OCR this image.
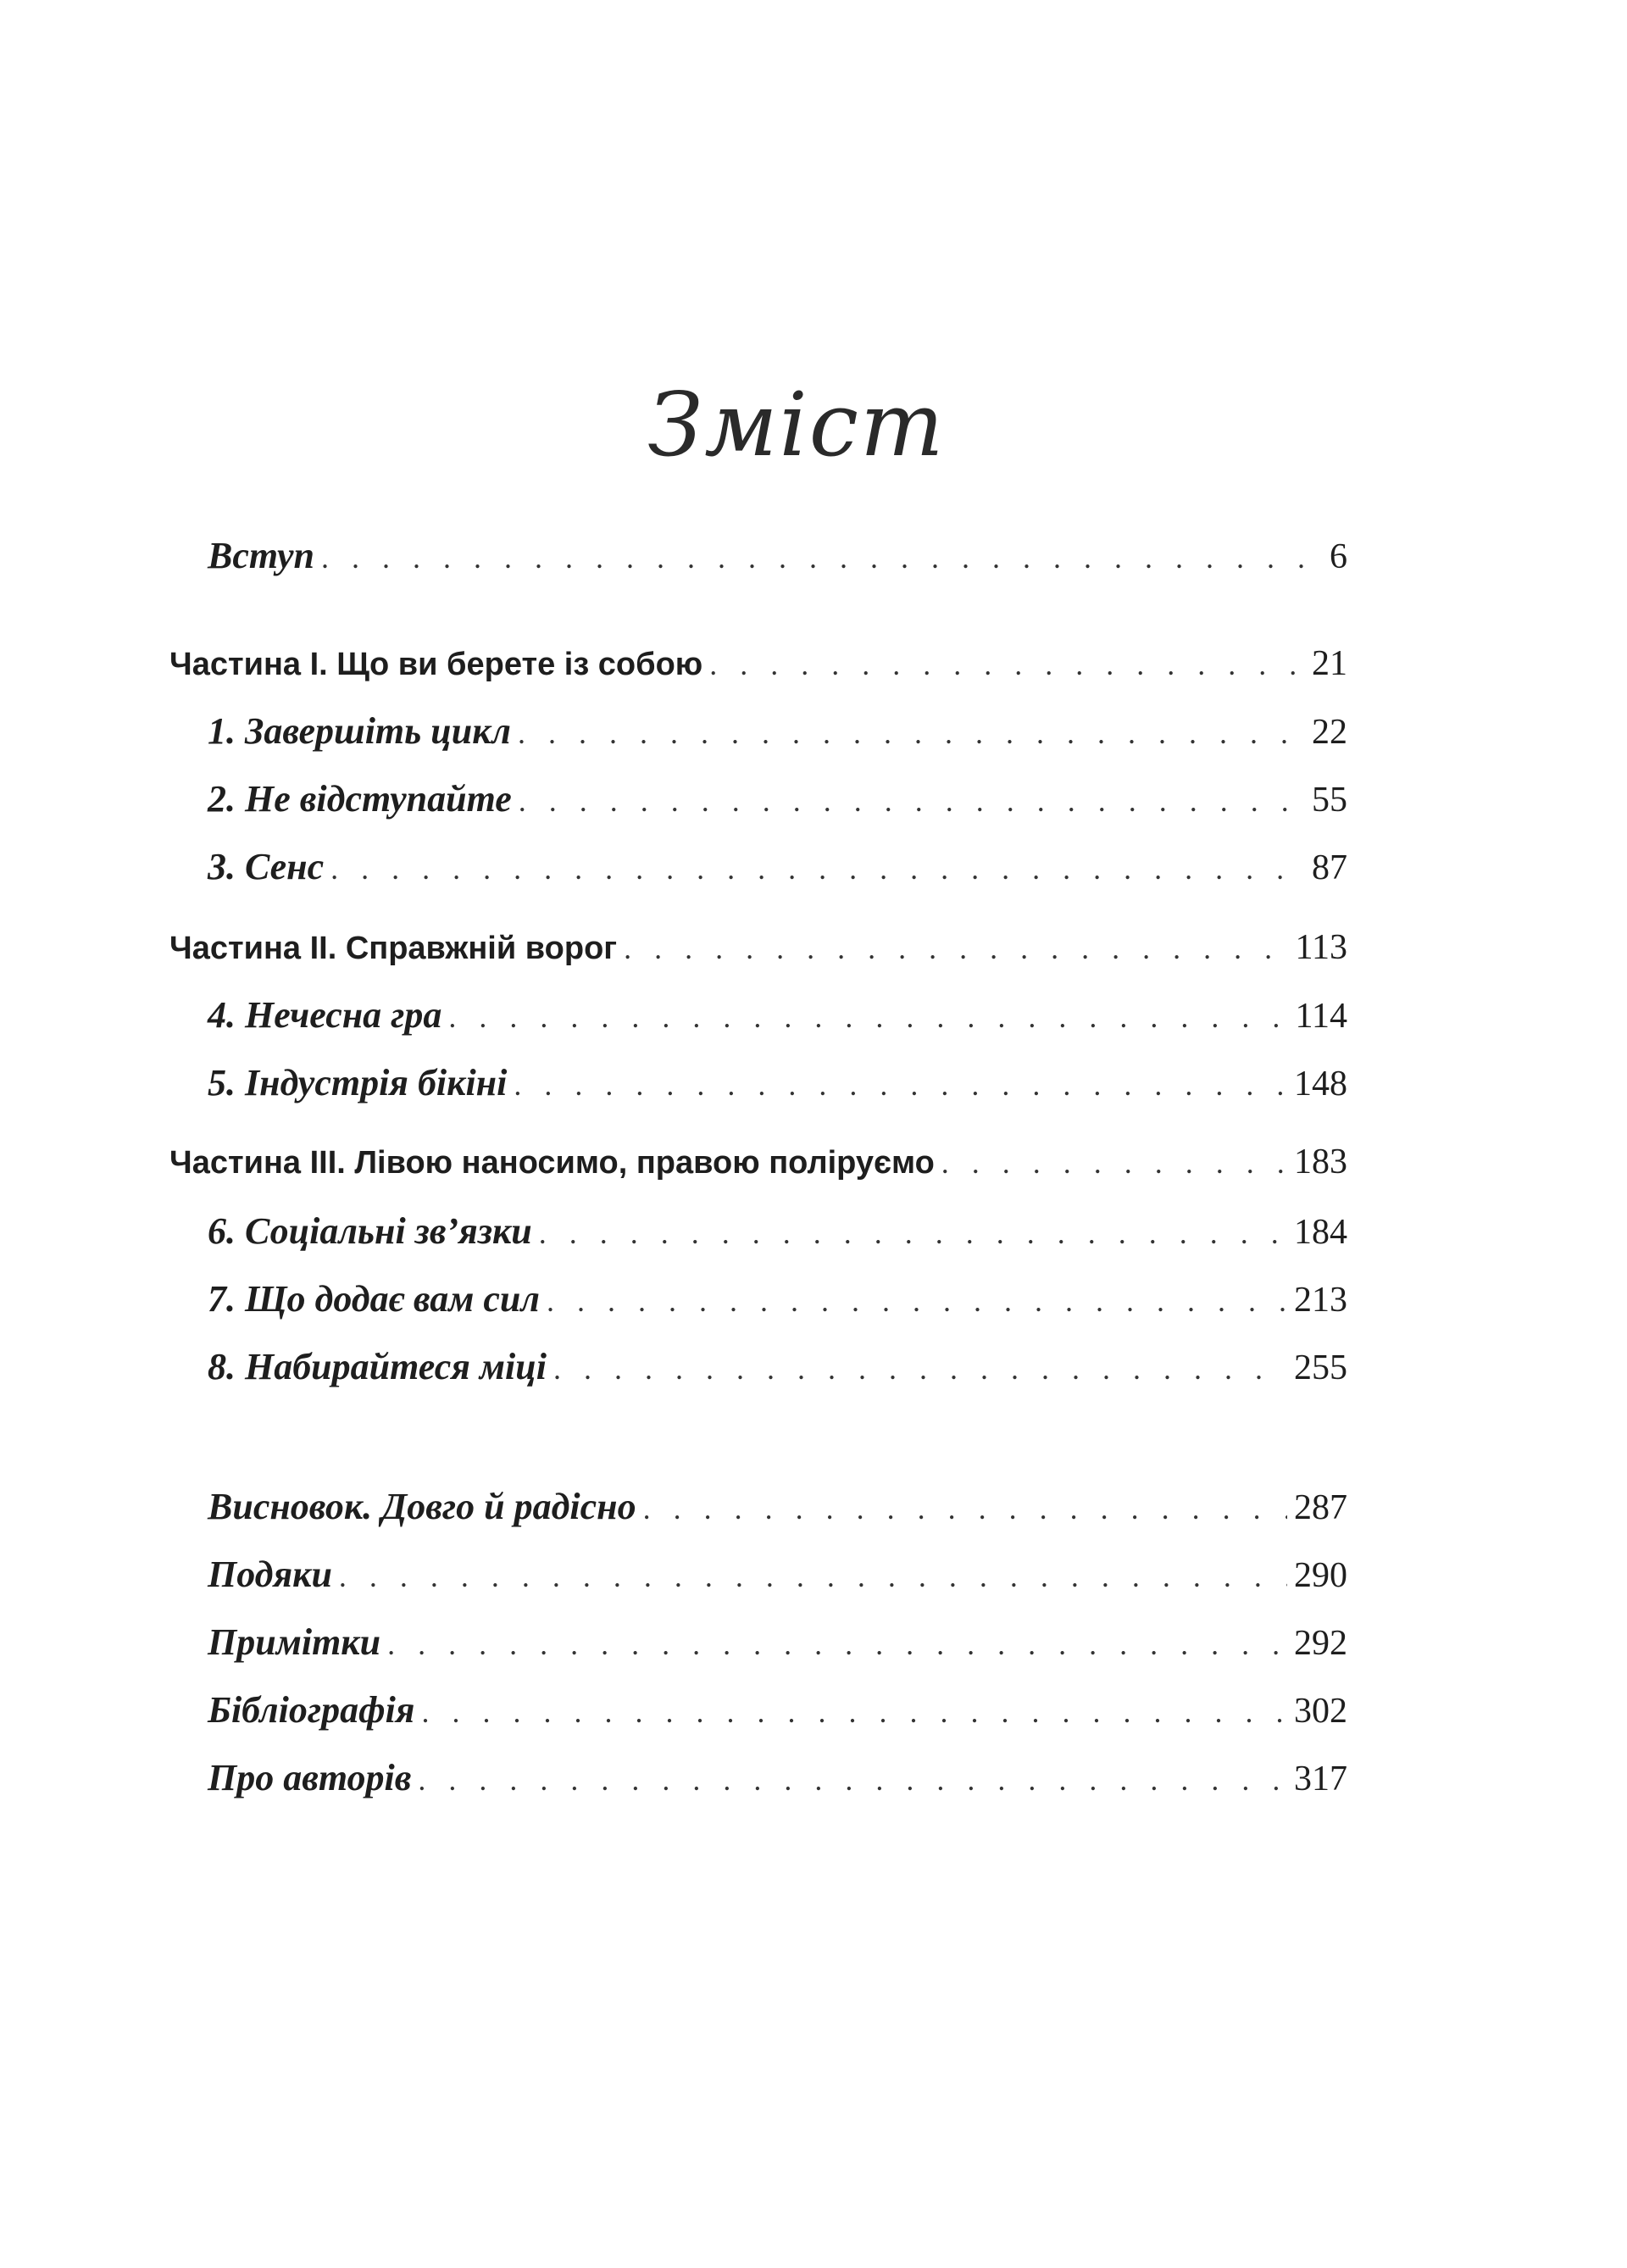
Зміст
Вступ . . .	6
Частина І. Що ви берете із собою . . .	21
1. Завершіть цикл . . .	22
2. Не відступайте . . .	55
3. Сенс . . .	87
Частина ІІ. Справжній ворог . . .	113
4. Нечесна гра . . .	114
5. Індустрія бікіні . . .	148
Частина ІІІ. Лівою наносимо, правою поліруємо . . .	183
6. Соціальні зв’язки . . .	184
7. Що додає вам сил . . .	213
8. Набирайтеся міці . . .	255
Висновок. Довго й радісно . . .	287
Подяки . . .	290
Примітки . . .	292
Бібліографія . . .	302
Про авторів . . .	317
